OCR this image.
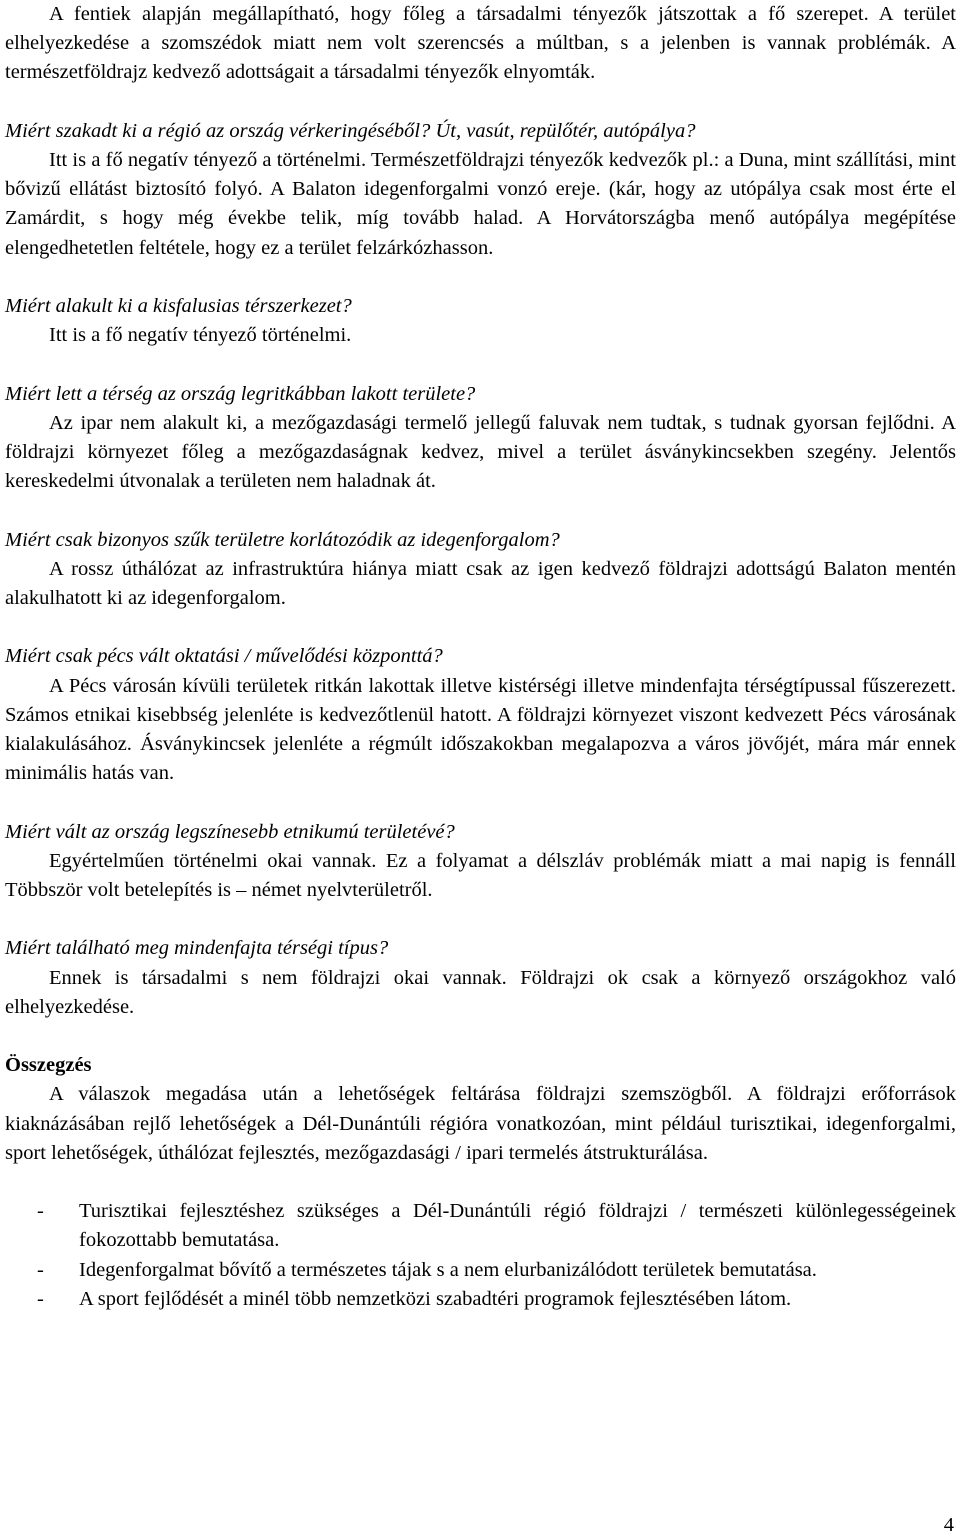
A fentiek alapján megállapítható, hogy főleg a társadalmi tényezők játszottak a fő szerepet. A terület elhelyezkedése a szomszédok miatt nem volt szerencsés a múltban, s a jelenben is vannak problémák. A természetföldrajz kedvező adottságait a társadalmi tényezők elnyomták.

Miért szakadt ki a régió az ország vérkeringéséből? Út, vasút, repülőtér, autópálya?

Itt is a fő negatív tényező a történelmi. Természetföldrajzi tényezők kedvezők pl.: a Duna, mint szállítási, mint bővizű ellátást biztosító folyó. A Balaton idegenforgalmi vonzó ereje. (kár, hogy az utópálya csak most érte el Zamárdit, s hogy még évekbe telik, míg tovább halad. A Horvátországba menő autópálya megépítése elengedhetetlen feltétele, hogy ez a terület felzárkózhasson.

Miért alakult ki a kisfalusias térszerkezet?

Itt is a fő negatív tényező történelmi.

Miért lett a térség az ország legritkábban lakott területe?

Az ipar nem alakult ki, a mezőgazdasági termelő jellegű faluvak nem tudtak, s tudnak gyorsan fejlődni. A földrajzi környezet főleg a mezőgazdaságnak kedvez, mivel a terület ásványkincsekben szegény. Jelentős kereskedelmi útvonalak a területen nem haladnak át.

Miért csak bizonyos szűk területre korlátozódik az idegenforgalom?

A rossz úthálózat az infrastruktúra hiánya miatt csak az igen kedvező földrajzi adottságú Balaton mentén alakulhatott ki az idegenforgalom.

Miért csak pécs vált oktatási / művelődési központtá?

A Pécs városán kívüli területek ritkán lakottak illetve kistérségi illetve mindenfajta térségtípussal fűszerezett. Számos etnikai kisebbség jelenléte is kedvezőtlenül hatott. A földrajzi környezet viszont kedvezett Pécs városának kialakulásához. Ásványkincsek jelenléte a régmúlt időszakokban megalapozva a város jövőjét, mára már ennek minimális hatás van.

Miért vált az ország legszínesebb etnikumú területévé?

Egyértelműen történelmi okai vannak. Ez a folyamat a délszláv problémák miatt a mai napig is fennáll Többször volt betelepítés is – német nyelvterületről.

Miért található meg mindenfajta térségi típus?

Ennek is társadalmi s nem földrajzi okai vannak. Földrajzi ok csak a környező országokhoz való elhelyezkedése.

Összegzés

A válaszok megadása után a lehetőségek feltárása földrajzi szemszögből. A földrajzi erőforrások kiaknázásában rejlő lehetőségek a Dél-Dunántúli régióra vonatkozóan, mint például turisztikai, idegenforgalmi, sport lehetőségek, úthálózat fejlesztés, mezőgazdasági / ipari termelés átstrukturálása.

- Turisztikai fejlesztéshez szükséges a Dél-Dunántúli régió földrajzi / természeti különlegességeinek fokozottabb bemutatása.
- Idegenforgalmat bővítő a természetes tájak s a nem elurbanizálódott területek bemutatása.
- A sport fejlődését a minél több nemzetközi szabadtéri programok fejlesztésében látom.
4
